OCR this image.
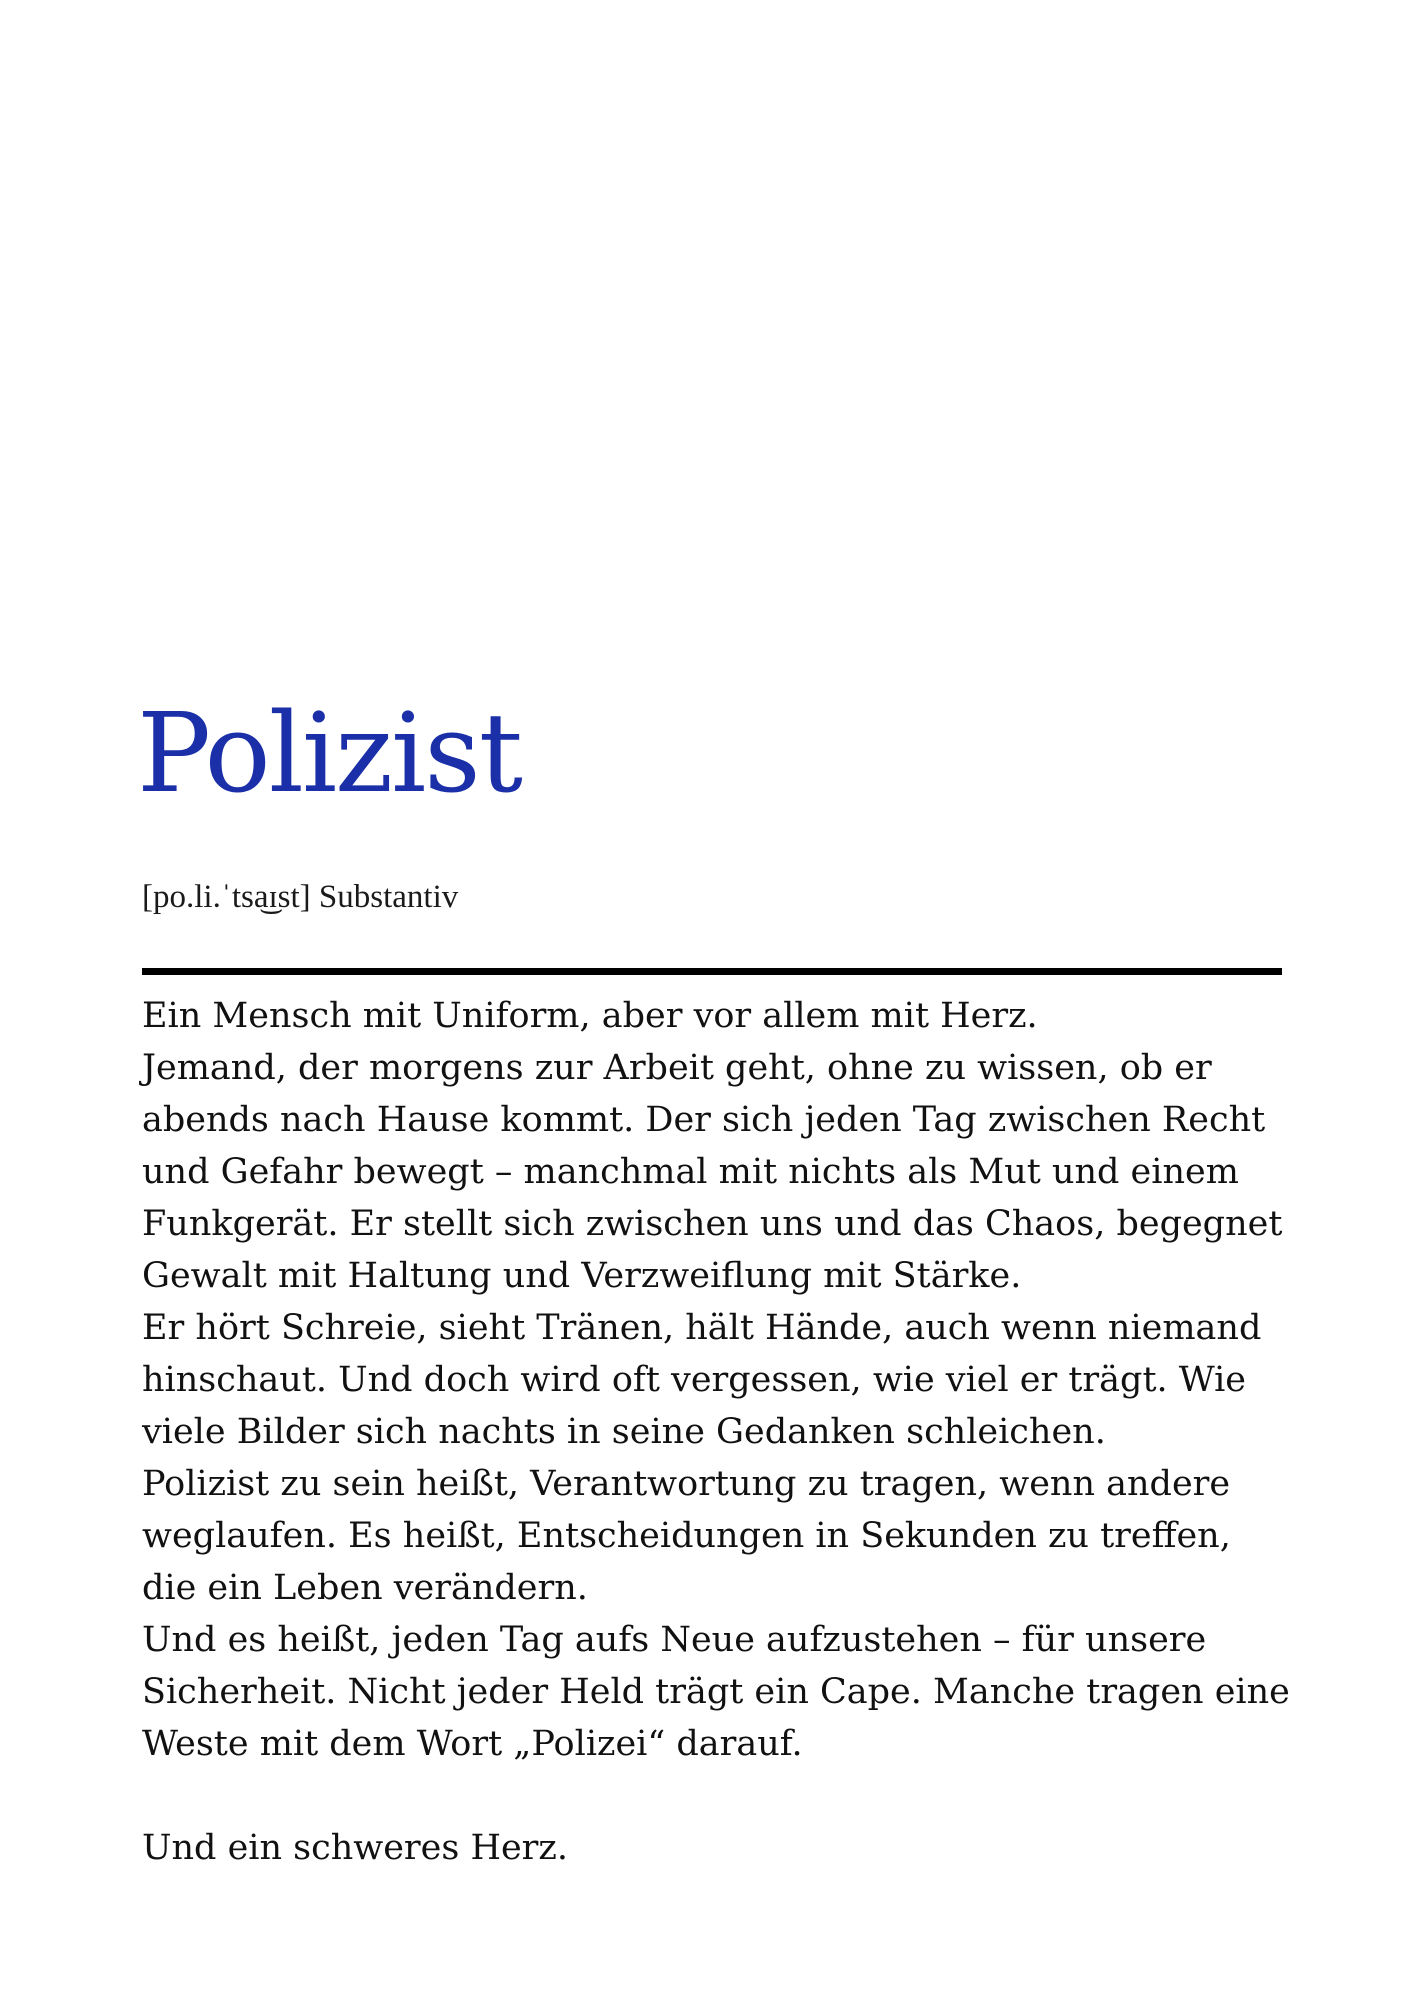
Polizist

[po.li.ˈtsa͜ɪst] Substantiv

Ein Mensch mit Uniform, aber vor allem mit Herz.
Jemand, der morgens zur Arbeit geht, ohne zu wissen, ob er
abends nach Hause kommt. Der sich jeden Tag zwischen Recht
und Gefahr bewegt – manchmal mit nichts als Mut und einem
Funkgerät. Er stellt sich zwischen uns und das Chaos, begegnet
Gewalt mit Haltung und Verzweiflung mit Stärke.
Er hört Schreie, sieht Tränen, hält Hände, auch wenn niemand
hinschaut. Und doch wird oft vergessen, wie viel er trägt. Wie
viele Bilder sich nachts in seine Gedanken schleichen.
Polizist zu sein heißt, Verantwortung zu tragen, wenn andere
weglaufen. Es heißt, Entscheidungen in Sekunden zu treffen,
die ein Leben verändern.
Und es heißt, jeden Tag aufs Neue aufzustehen – für unsere
Sicherheit. Nicht jeder Held trägt ein Cape. Manche tragen eine
Weste mit dem Wort „Polizei“ darauf.
Und ein schweres Herz.
